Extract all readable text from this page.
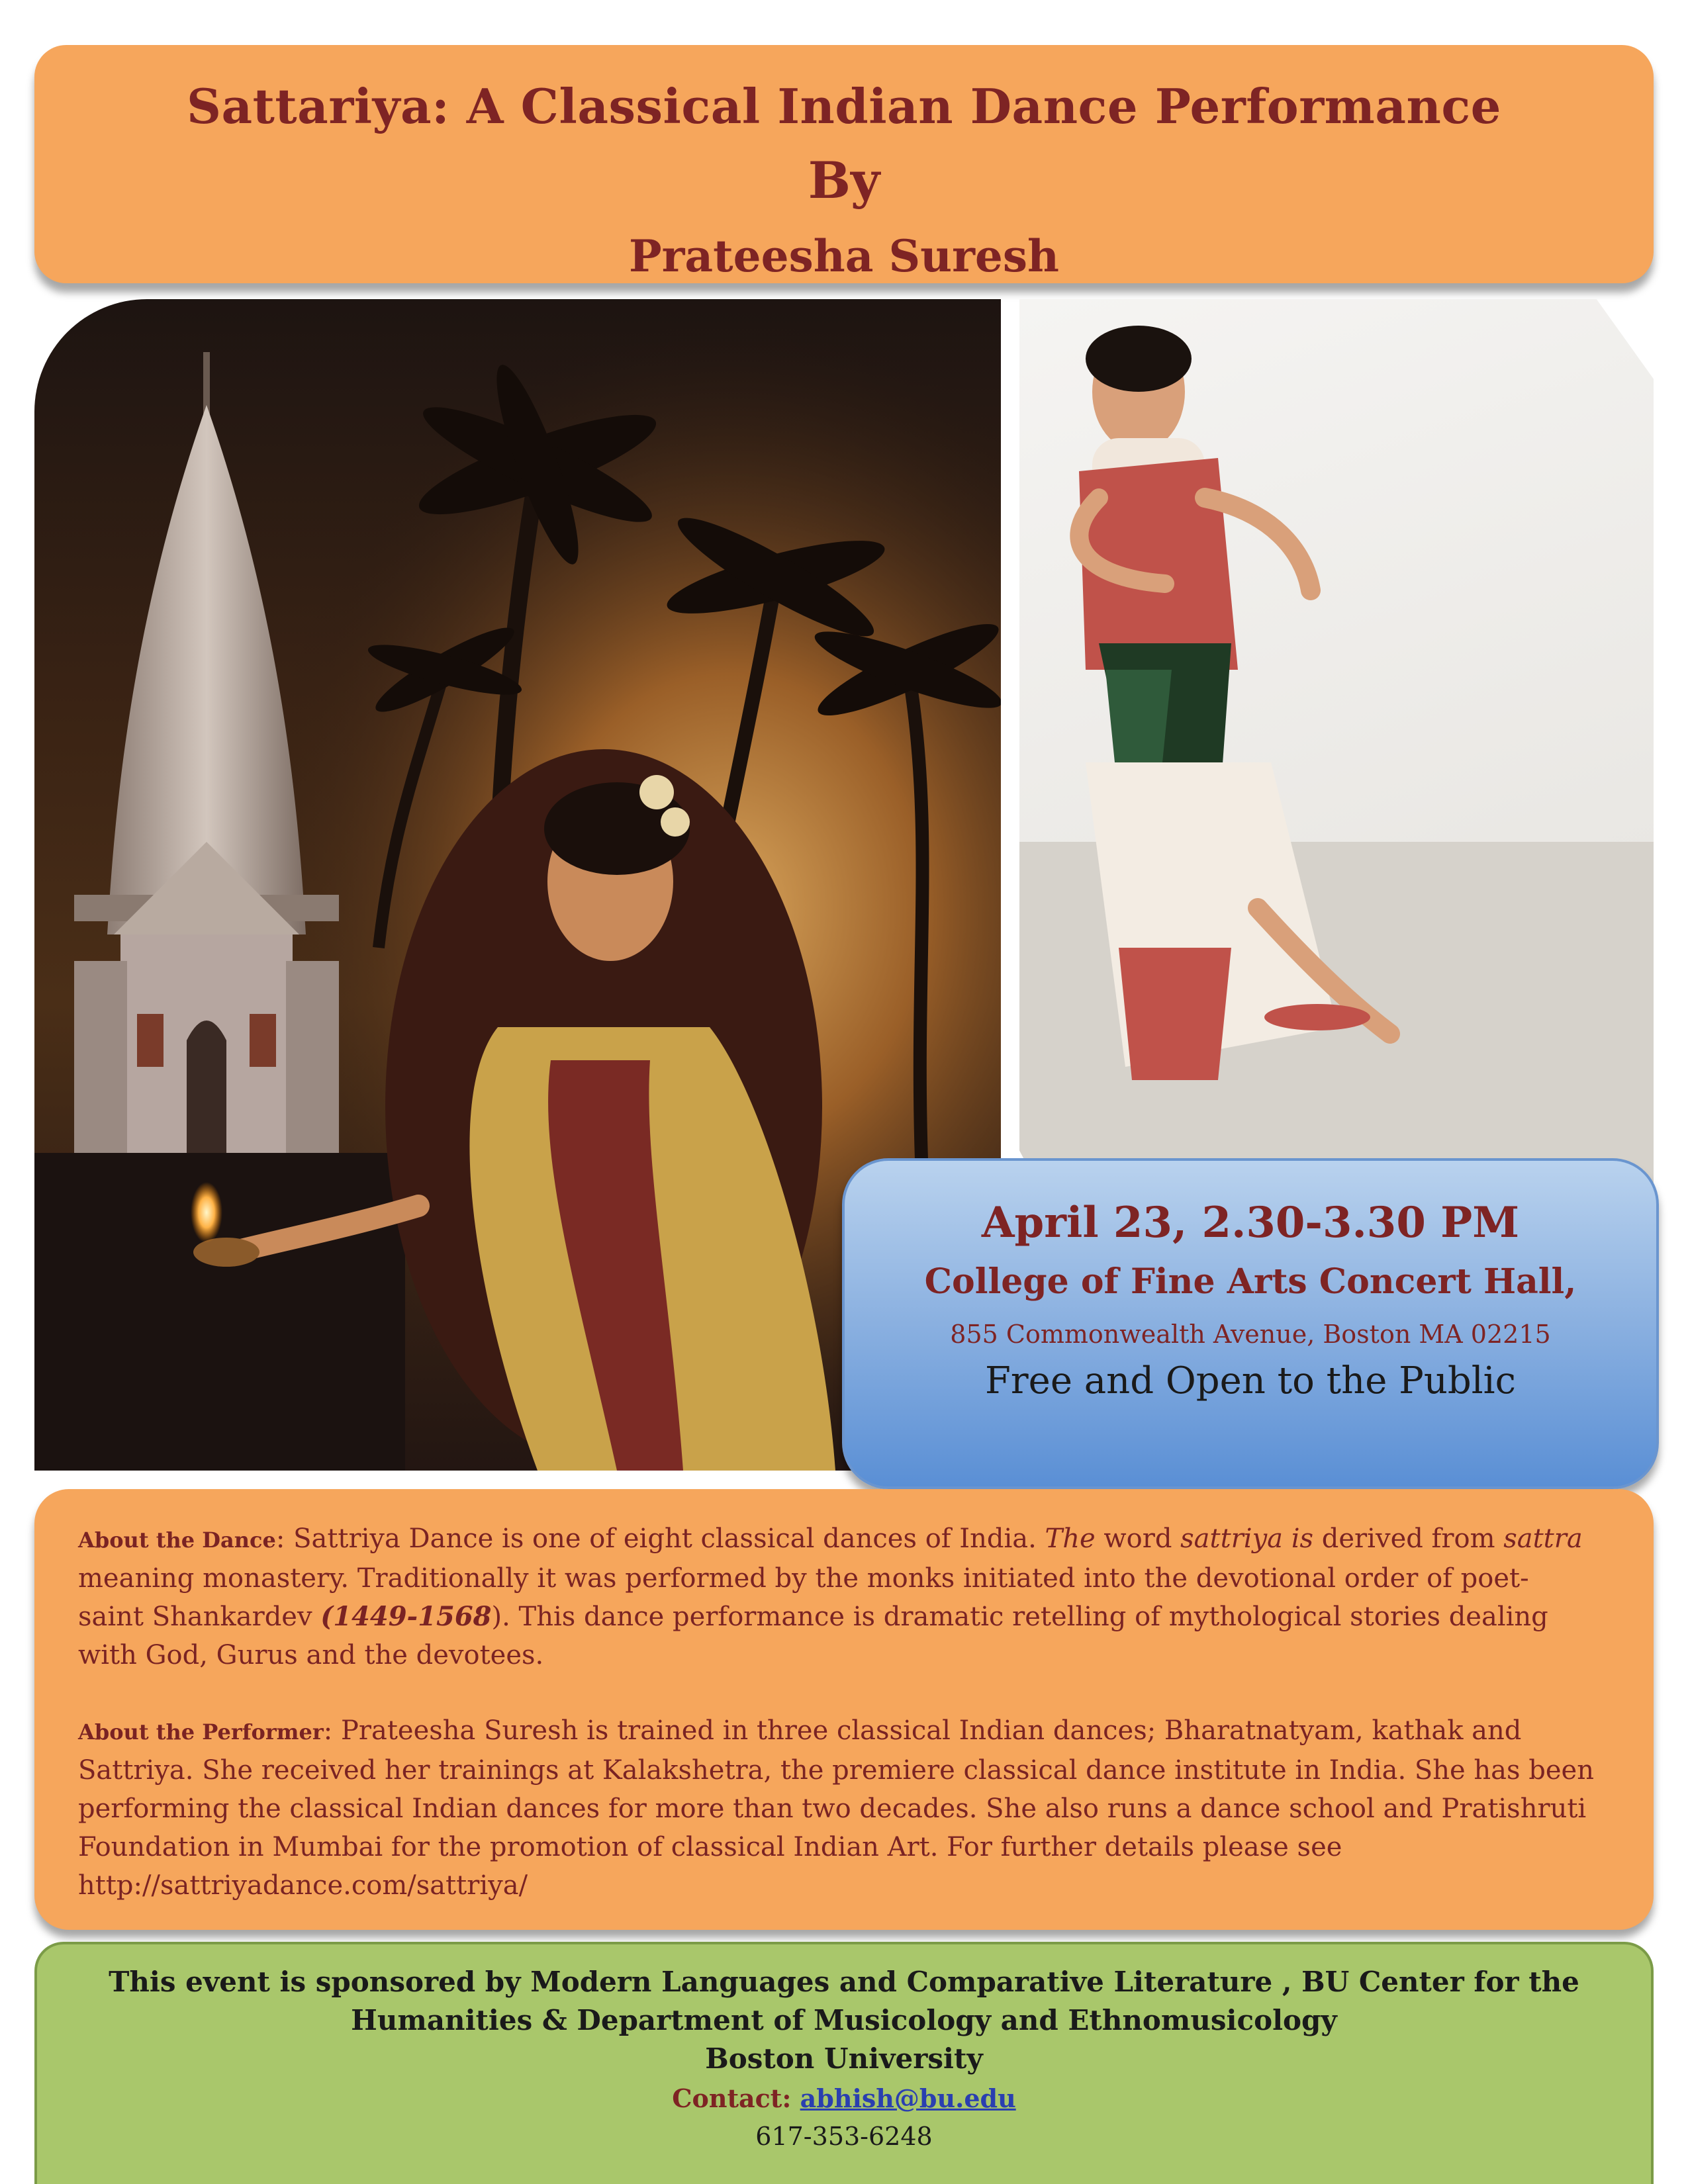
Sattariya: A Classical Indian Dance Performance
By
Prateesha Suresh
April 23, 2.30-3.30 PM
College of Fine Arts Concert Hall,
855 Commonwealth Avenue, Boston MA 02215
Free and Open to the Public
About the Dance: Sattriya Dance is one of eight classical dances of India. The word sattriya is derived from sattra meaning monastery. Traditionally it was performed by the monks initiated into the devotional order of poet-saint Shankardev (1449-1568). This dance performance is dramatic retelling of mythological stories dealing with God, Gurus and the devotees.
About the Performer: Prateesha Suresh is trained in three classical Indian dances; Bharatnatyam, kathak and Sattriya. She received her trainings at Kalakshetra, the premiere classical dance institute in India. She has been performing the classical Indian dances for more than two decades. She also runs a dance school and Pratishruti Foundation in Mumbai for the promotion of classical Indian Art. For further details please see http://sattriyadance.com/sattriya/
This event is sponsored by Modern Languages and Comparative Literature , BU Center for the
Humanities & Department of Musicology and Ethnomusicology
Boston University
Contact: abhish@bu.edu
617-353-6248
